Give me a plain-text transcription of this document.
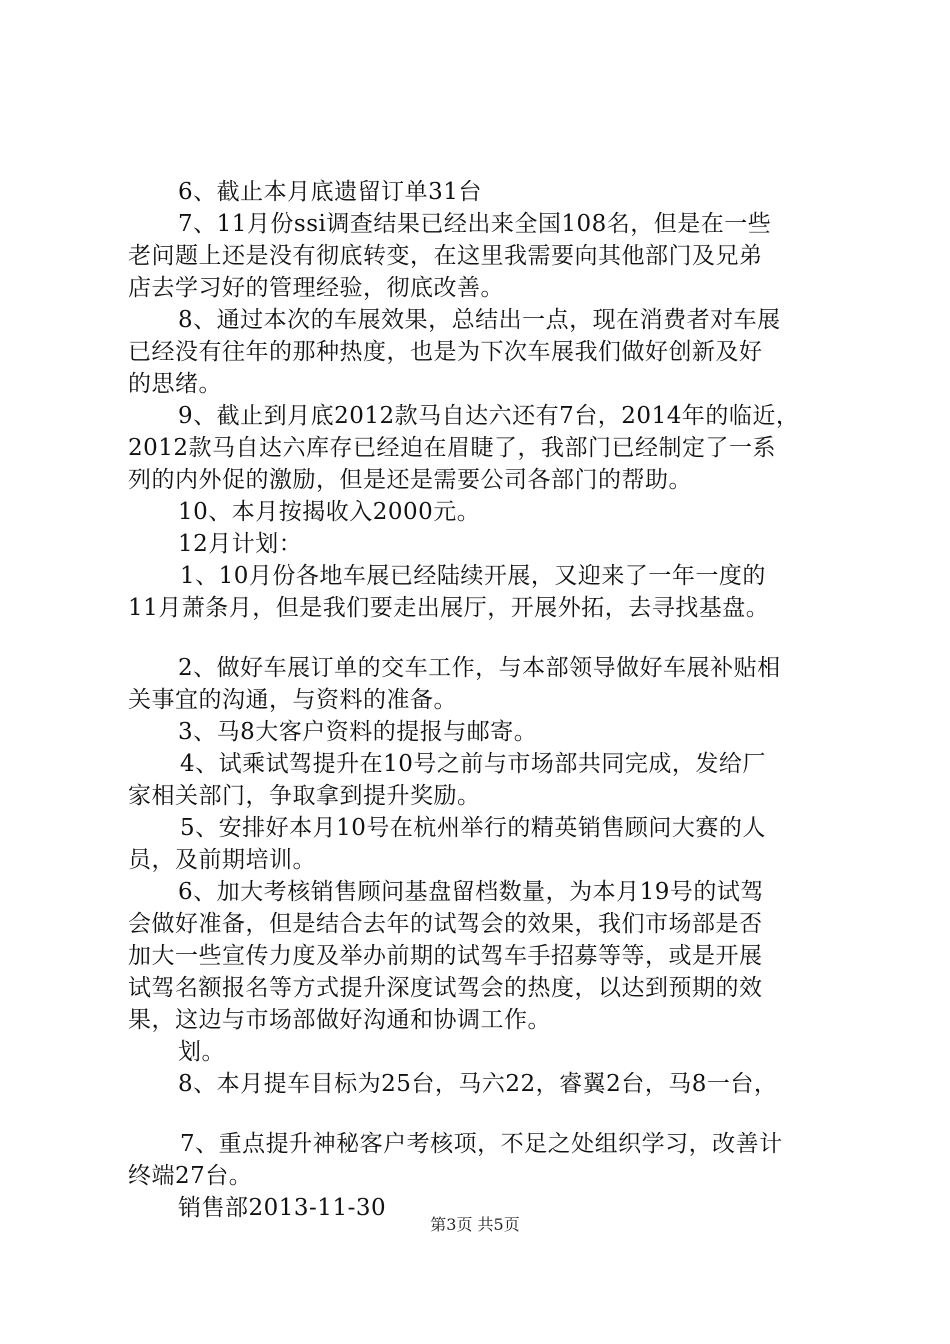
6、截止本月底遗留订单31台
7、11月份ssi调查结果已经出来全国108名，但是在一些
老问题上还是没有彻底转变，在这里我需要向其他部门及兄弟
店去学习好的管理经验，彻底改善。
8、通过本次的车展效果，总结出一点，现在消费者对车展
已经没有往年的那种热度，也是为下次车展我们做好创新及好
的思绪。
9、截止到月底2012款马自达六还有7台，2014年的临近，
2012款马自达六库存已经迫在眉睫了，我部门已经制定了一系
列的内外促的激励，但是还是需要公司各部门的帮助。
10、本月按揭收入2000元。
12月计划：
1、10月份各地车展已经陆续开展，又迎来了一年一度的
11月萧条月，但是我们要走出展厅，开展外拓，去寻找基盘。
2、做好车展订单的交车工作，与本部领导做好车展补贴相
关事宜的沟通，与资料的准备。
3、马8大客户资料的提报与邮寄。
4、试乘试驾提升在10号之前与市场部共同完成，发给厂
家相关部门，争取拿到提升奖励。
5、安排好本月10号在杭州举行的精英销售顾问大赛的人
员，及前期培训。
6、加大考核销售顾问基盘留档数量，为本月19号的试驾
会做好准备，但是结合去年的试驾会的效果，我们市场部是否
加大一些宣传力度及举办前期的试驾车手招募等等，或是开展
试驾名额报名等方式提升深度试驾会的热度，以达到预期的效
果，这边与市场部做好沟通和协调工作。
划。
8、本月提车目标为25台，马六22，睿翼2台，马8一台，
7、重点提升神秘客户考核项，不足之处组织学习，改善计
终端27台。
销售部2013-11-30
第3页 共5页
